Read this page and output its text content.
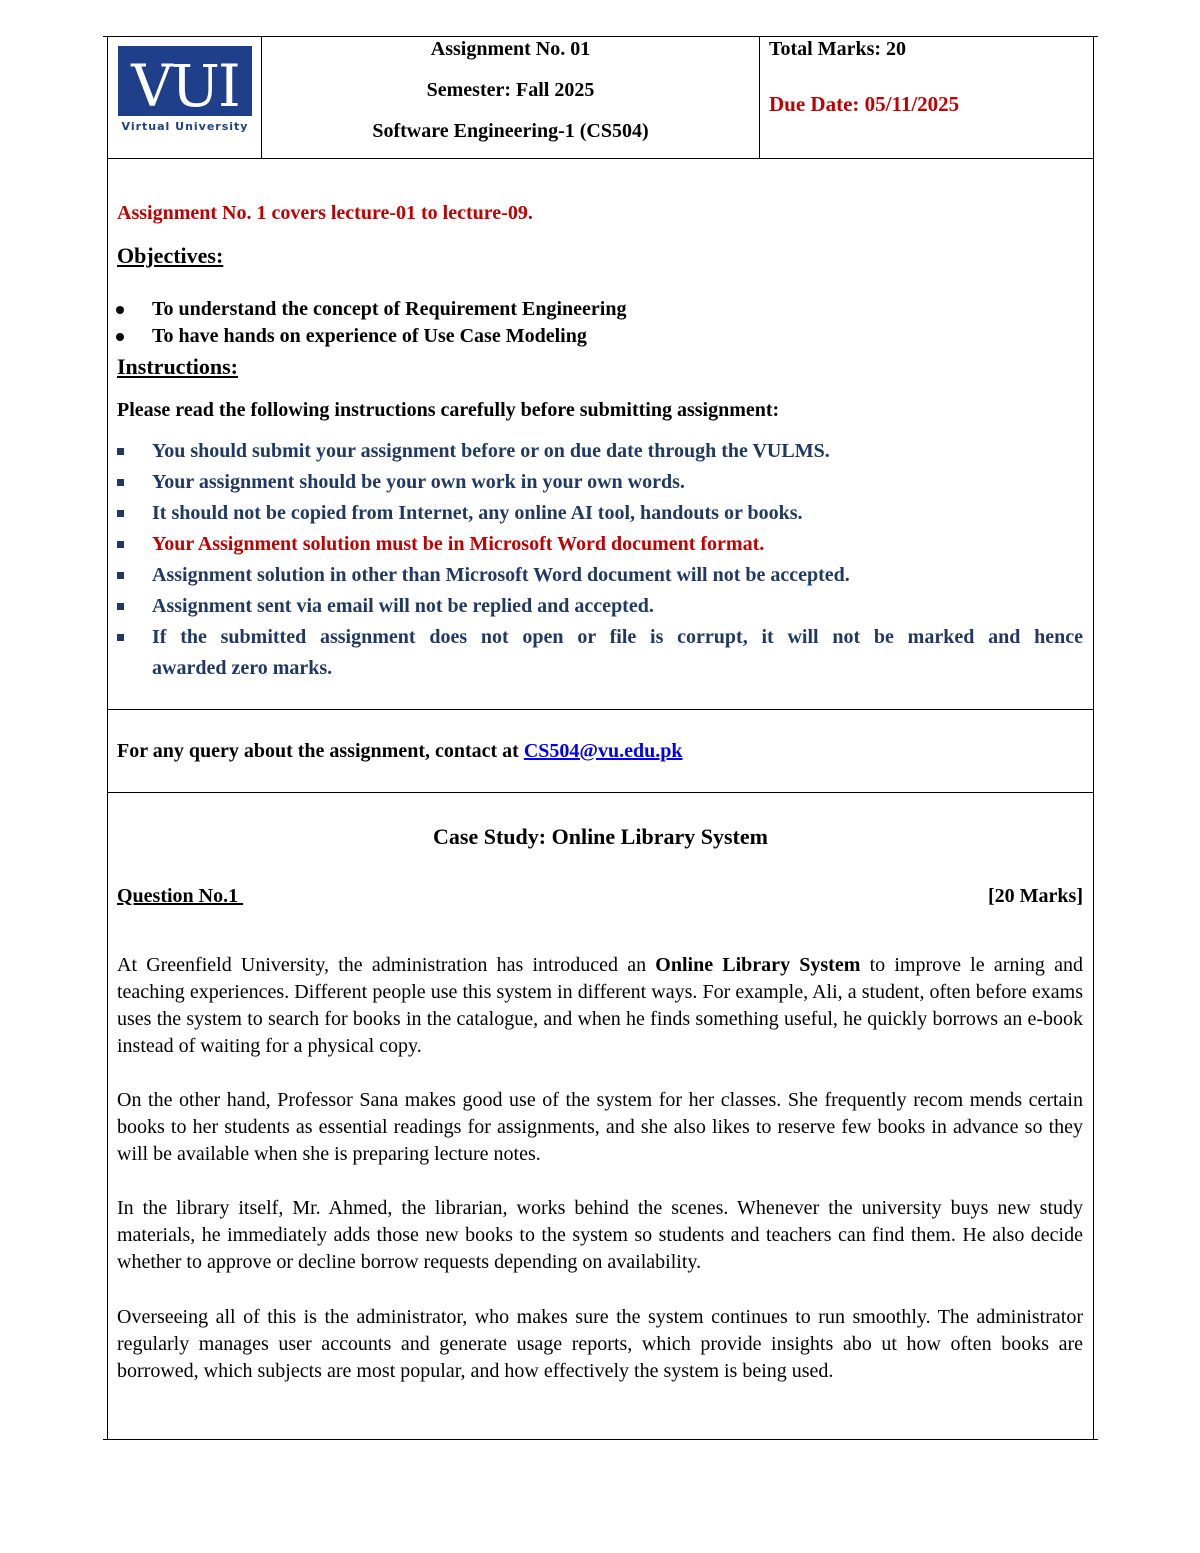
VUI
Virtual University
Assignment No. 01
Semester: Fall 2025
Software Engineering-1 (CS504)
Total Marks: 20
Due Date: 05/11/2025
Assignment No. 1 covers lecture-01 to lecture-09.
Objectives:
To understand the concept of Requirement Engineering
To have hands on experience of Use Case Modeling
Instructions:
Please read the following instructions carefully before submitting assignment:
You should submit your assignment before or on due date through the VULMS.
Your assignment should be your own work in your own words.
It should not be copied from Internet, any online AI tool, handouts or books.
Your Assignment solution must be in Microsoft Word document format.
Assignment solution in other than Microsoft Word document will not be accepted.
Assignment sent via email will not be replied and accepted.
If the submitted assignment does not open or file is corrupt, it will not be marked and hence
awarded zero marks.
For any query about the assignment, contact at CS504@vu.edu.pk
Case Study: Online Library System
Question No.1	[20 Marks]

At Greenfield University, the administration has introduced an Online Library System to improve le arning and teaching experiences. Different people use this system in different ways. For example, Ali, a student, often before exams uses the system to search for books in the catalogue, and when he finds something useful, he quickly borrows an e-book instead of waiting for a physical copy.

On the other hand, Professor Sana makes good use of the system for her classes. She frequently recom mends certain books to her students as essential readings for assignments, and she also likes to reserve few books in advance so they will be available when she is preparing lecture notes.
In the library itself, Mr. Ahmed, the librarian, works behind the scenes. Whenever the university buys new study materials, he immediately adds those new books to the system so students and teachers can find them. He also decide whether to approve or decline borrow requests depending on availability.
Overseeing all of this is the administrator, who makes sure the system continues to run smoothly. The administrator regularly manages user accounts and generate usage reports, which provide insights abo ut how often books are borrowed, which subjects are most popular, and how effectively the system is being used.
